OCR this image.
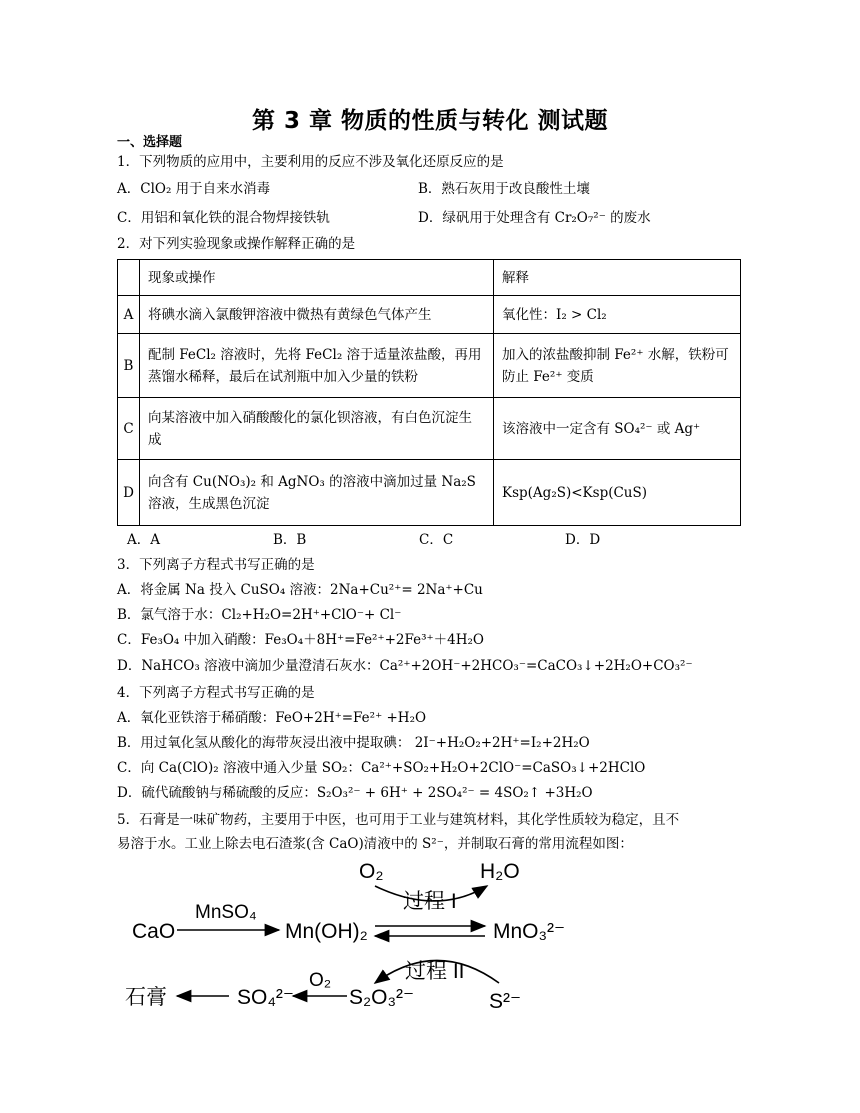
第 3 章 物质的性质与转化 测试题
一、选择题
1．下列物质的应用中，主要利用的反应不涉及氧化还原反应的是
A．ClO₂ 用于自来水消毒	B．熟石灰用于改良酸性土壤
C．用铝和氧化铁的混合物焊接铁轨	D．绿矾用于处理含有 Cr₂O₇²⁻ 的废水
2．对下列实验现象或操作解释正确的是
	现象或操作	解释
A	将碘水滴入氯酸钾溶液中微热有黄绿色气体产生	氧化性：I₂ > Cl₂
B	配制 FeCl₂ 溶液时，先将 FeCl₂ 溶于适量浓盐酸，再用蒸馏水稀释，最后在试剂瓶中加入少量的铁粉	加入的浓盐酸抑制 Fe²⁺ 水解，铁粉可防止 Fe²⁺ 变质
C	向某溶液中加入硝酸酸化的氯化钡溶液，有白色沉淀生成	该溶液中一定含有 SO₄²⁻ 或 Ag⁺
D	向含有 Cu(NO₃)₂ 和 AgNO₃ 的溶液中滴加过量 Na₂S 溶液，生成黑色沉淀	Ksp(Ag₂S)<Ksp(CuS)
A．A	B．B	C．C	D．D
3．下列离子方程式书写正确的是
A．将金属 Na 投入 CuSO₄ 溶液：2Na+Cu²⁺= 2Na⁺+Cu
B．氯气溶于水：Cl₂+H₂O=2H⁺+ClO⁻+ Cl⁻
C．Fe₃O₄ 中加入硝酸：Fe₃O₄＋8H⁺=Fe²⁺+2Fe³⁺＋4H₂O
D．NaHCO₃ 溶液中滴加少量澄清石灰水：Ca²⁺+2OH⁻+2HCO₃⁻=CaCO₃↓+2H₂O+CO₃²⁻
4．下列离子方程式书写正确的是
A．氧化亚铁溶于稀硝酸：FeO+2H⁺=Fe²⁺ +H₂O
B．用过氧化氢从酸化的海带灰浸出液中提取碘： 2I⁻+H₂O₂+2H⁺=I₂+2H₂O
C．向 Ca(ClO)₂ 溶液中通入少量 SO₂：Ca²⁺+SO₂+H₂O+2ClO⁻=CaSO₃↓+2HClO
D．硫代硫酸钠与稀硫酸的反应：S₂O₃²⁻ + 6H⁺ + 2SO₄²⁻ = 4SO₂↑ +3H₂O
5．石膏是一味矿物药，主要用于中医，也可用于工业与建筑材料，其化学性质较为稳定，且不
易溶于水。工业上除去电石渣浆(含 CaO)清液中的 S²⁻，并制取石膏的常用流程如图：
O₂	H₂O
过程 I
CaO
MnSO₄
Mn(OH)₂	MnO₃²⁻
过程 II
石膏	SO₄²⁻
O₂
S₂O₃²⁻	S²⁻
